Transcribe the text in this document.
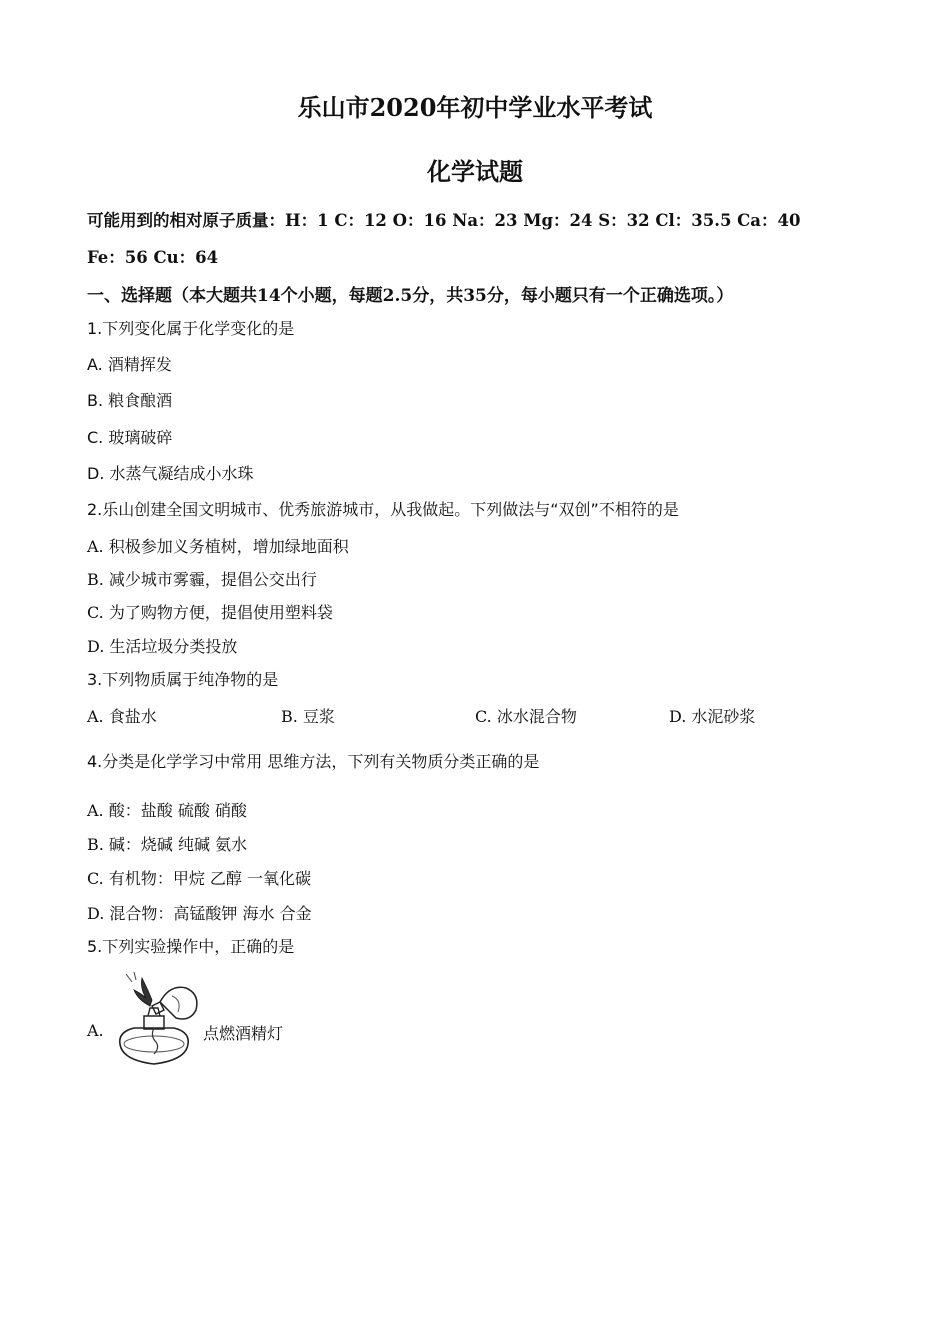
乐山市2020年初中学业水平考试
化学试题
可能用到的相对原子质量：H：1 C：12 O：16 Na：23 Mg：24 S：32 Cl：35.5 Ca：40
Fe：56 Cu：64
一、选择题（本大题共14个小题，每题2.5分，共35分，每小题只有一个正确选项。）
1.下列变化属于化学变化的是
A. 酒精挥发
B. 粮食酿酒
C. 玻璃破碎
D. 水蒸气凝结成小水珠
2.乐山创建全国文明城市、优秀旅游城市，从我做起。下列做法与“双创”不相符的是
A. 积极参加义务植树，增加绿地面积
B. 减少城市雾霾，提倡公交出行
C. 为了购物方便，提倡使用塑料袋
D. 生活垃圾分类投放
3.下列物质属于纯净物的是
A. 食盐水	B. 豆浆	C. 冰水混合物	D. 水泥砂浆
4.分类是化学学习中常用 思维方法，下列有关物质分类正确的是
A. 酸：盐酸 硫酸 硝酸
B. 碱：烧碱 纯碱 氨水
C. 有机物：甲烷 乙醇 一氧化碳
D. 混合物：高锰酸钾 海水 合金
5.下列实验操作中，正确的是
A.	点燃酒精灯
